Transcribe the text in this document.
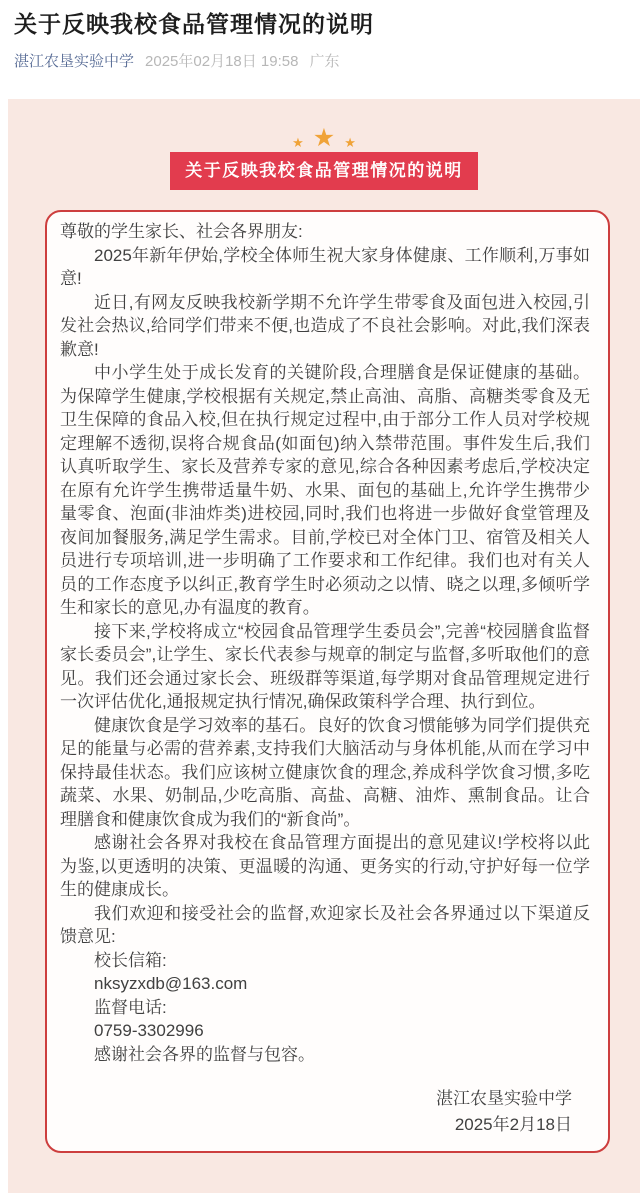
关于反映我校食品管理情况的说明
湛江农垦实验中学 2025年02月18日 19:58 广东
★ ★ ★
关于反映我校食品管理情况的说明

尊敬的学生家长、社会各界朋友:

2025年新年伊始,学校全体师生祝大家身体健康、工作顺利,万事如意!

近日,有网友反映我校新学期不允许学生带零食及面包进入校园,引发社会热议,给同学们带来不便,也造成了不良社会影响。对此,我们深表歉意!

中小学生处于成长发育的关键阶段,合理膳食是保证健康的基础。为保障学生健康,学校根据有关规定,禁止高油、高脂、高糖类零食及无卫生保障的食品入校,但在执行规定过程中,由于部分工作人员对学校规定理解不透彻,误将合规食品(如面包)纳入禁带范围。事件发生后,我们认真听取学生、家长及营养专家的意见,综合各种因素考虑后,学校决定在原有允许学生携带适量牛奶、水果、面包的基础上,允许学生携带少量零食、泡面(非油炸类)进校园,同时,我们也将进一步做好食堂管理及夜间加餐服务,满足学生需求。目前,学校已对全体门卫、宿管及相关人员进行专项培训,进一步明确了工作要求和工作纪律。我们也对有关人员的工作态度予以纠正,教育学生时必须动之以情、晓之以理,多倾听学生和家长的意见,办有温度的教育。

接下来,学校将成立“校园食品管理学生委员会”,完善“校园膳食监督家长委员会”,让学生、家长代表参与规章的制定与监督,多听取他们的意见。我们还会通过家长会、班级群等渠道,每学期对食品管理规定进行一次评估优化,通报规定执行情况,确保政策科学合理、执行到位。

健康饮食是学习效率的基石。良好的饮食习惯能够为同学们提供充足的能量与必需的营养素,支持我们大脑活动与身体机能,从而在学习中保持最佳状态。我们应该树立健康饮食的理念,养成科学饮食习惯,多吃蔬菜、水果、奶制品,少吃高脂、高盐、高糖、油炸、熏制食品。让合理膳食和健康饮食成为我们的“新食尚”。

感谢社会各界对我校在食品管理方面提出的意见建议!学校将以此为鉴,以更透明的决策、更温暖的沟通、更务实的行动,守护好每一位学生的健康成长。

我们欢迎和接受社会的监督,欢迎家长及社会各界通过以下渠道反馈意见:

校长信箱:

nksyzxdb@163.com

监督电话:

0759-3302996

感谢社会各界的监督与包容。

湛江农垦实验中学
2025年2月18日
